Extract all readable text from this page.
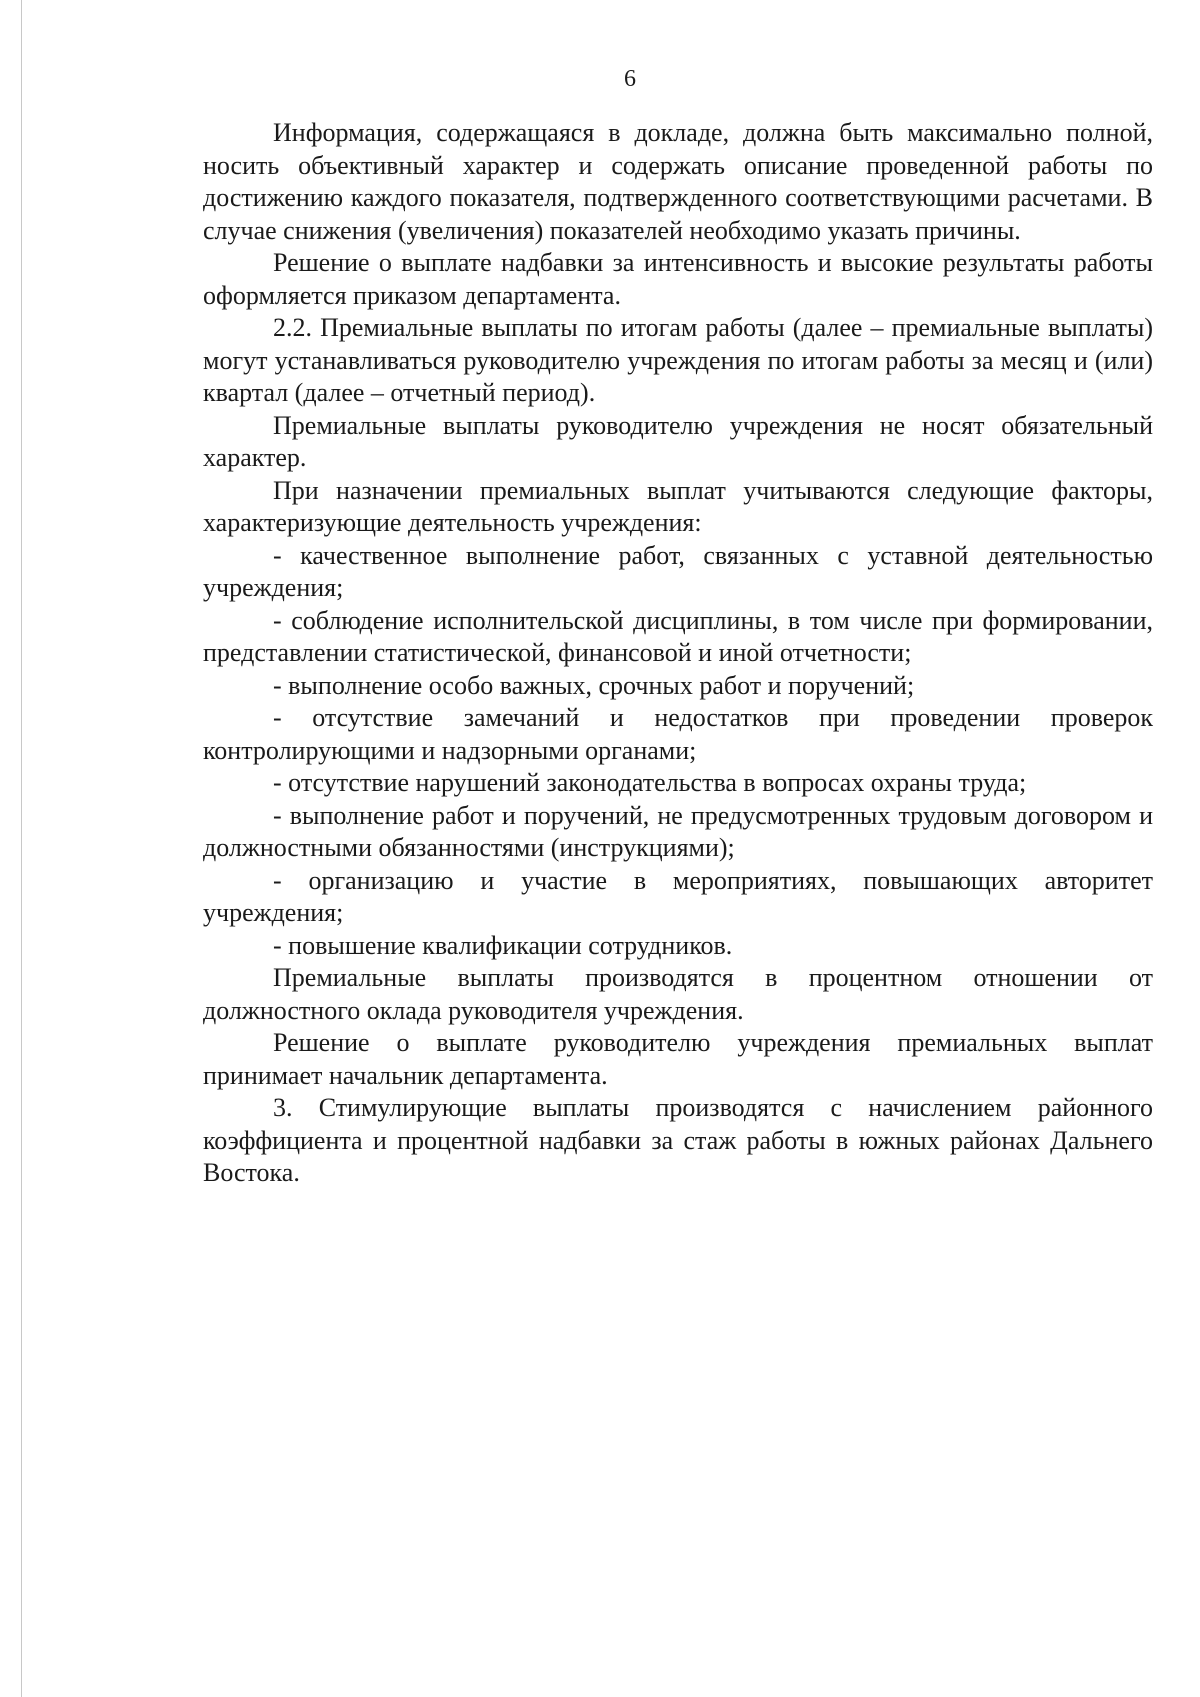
6

Информация, содержащаяся в докладе, должна быть максимально полной, носить объективный характер и содержать описание проведенной работы по достижению каждого показателя, подтвержденного соответствующими расчетами. В случае снижения (увеличения) показателей необходимо указать причины.

Решение о выплате надбавки за интенсивность и высокие результаты работы оформляется приказом департамента.

2.2. Премиальные выплаты по итогам работы (далее – премиальные выплаты) могут устанавливаться руководителю учреждения по итогам работы за месяц и (или) квартал (далее – отчетный период).

Премиальные выплаты руководителю учреждения не носят обязательный характер.

При назначении премиальных выплат учитываются следующие факторы, характеризующие деятельность учреждения:

- качественное выполнение работ, связанных с уставной деятельностью учреждения;

- соблюдение исполнительской дисциплины, в том числе при формировании, представлении статистической, финансовой и иной отчетности;

- выполнение особо важных, срочных работ и поручений;

- отсутствие замечаний и недостатков при проведении проверок контролирующими и надзорными органами;

- отсутствие нарушений законодательства в вопросах охраны труда;

- выполнение работ и поручений, не предусмотренных трудовым договором и должностными обязанностями (инструкциями);

- организацию и участие в мероприятиях, повышающих авторитет учреждения;

- повышение квалификации сотрудников.

Премиальные выплаты производятся в процентном отношении от должностного оклада руководителя учреждения.

Решение о выплате руководителю учреждения премиальных выплат принимает начальник департамента.

3. Стимулирующие выплаты производятся с начислением районного коэффициента и процентной надбавки за стаж работы в южных районах Дальнего Востока.
